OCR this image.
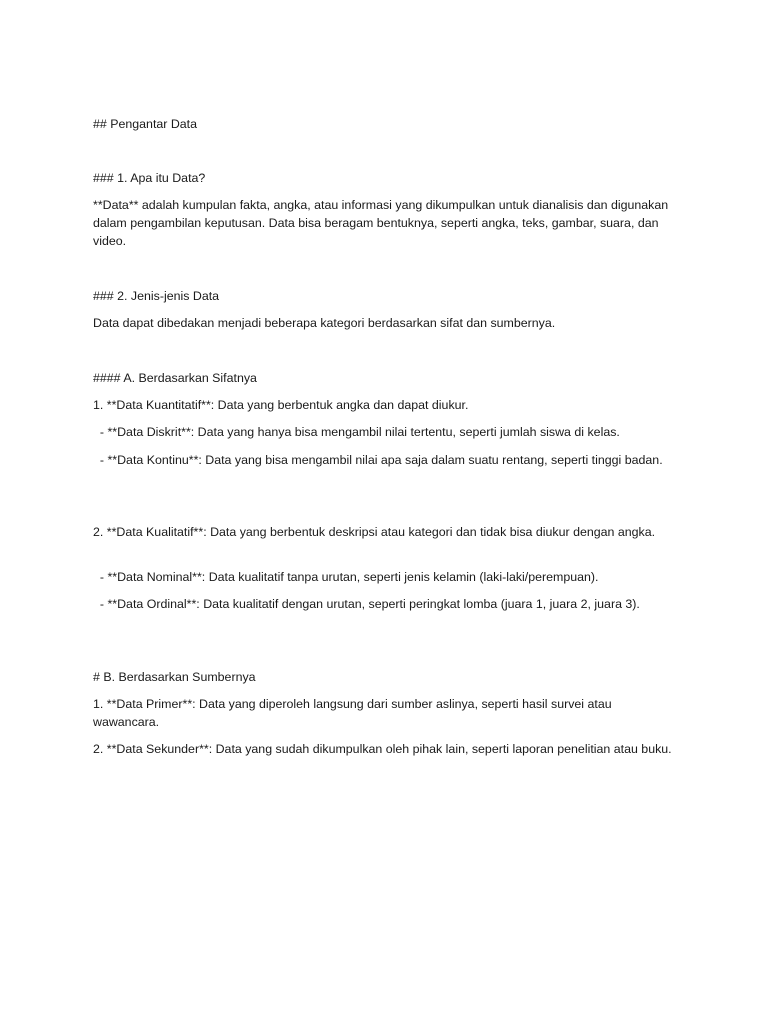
## Pengantar Data

### 1. Apa itu Data?

**Data** adalah kumpulan fakta, angka, atau informasi yang dikumpulkan untuk dianalisis dan digunakan dalam pengambilan keputusan. Data bisa beragam bentuknya, seperti angka, teks, gambar, suara, dan video.

### 2. Jenis-jenis Data

Data dapat dibedakan menjadi beberapa kategori berdasarkan sifat dan sumbernya.

#### A. Berdasarkan Sifatnya

1. **Data Kuantitatif**: Data yang berbentuk angka dan dapat diukur.

- **Data Diskrit**: Data yang hanya bisa mengambil nilai tertentu, seperti jumlah siswa di kelas.

- **Data Kontinu**: Data yang bisa mengambil nilai apa saja dalam suatu rentang, seperti tinggi badan.

2. **Data Kualitatif**: Data yang berbentuk deskripsi atau kategori dan tidak bisa diukur dengan angka.

- **Data Nominal**: Data kualitatif tanpa urutan, seperti jenis kelamin (laki-laki/perempuan).

- **Data Ordinal**: Data kualitatif dengan urutan, seperti peringkat lomba (juara 1, juara 2, juara 3).

# B. Berdasarkan Sumbernya

1. **Data Primer**: Data yang diperoleh langsung dari sumber aslinya, seperti hasil survei atau wawancara.

2. **Data Sekunder**: Data yang sudah dikumpulkan oleh pihak lain, seperti laporan penelitian atau buku.
